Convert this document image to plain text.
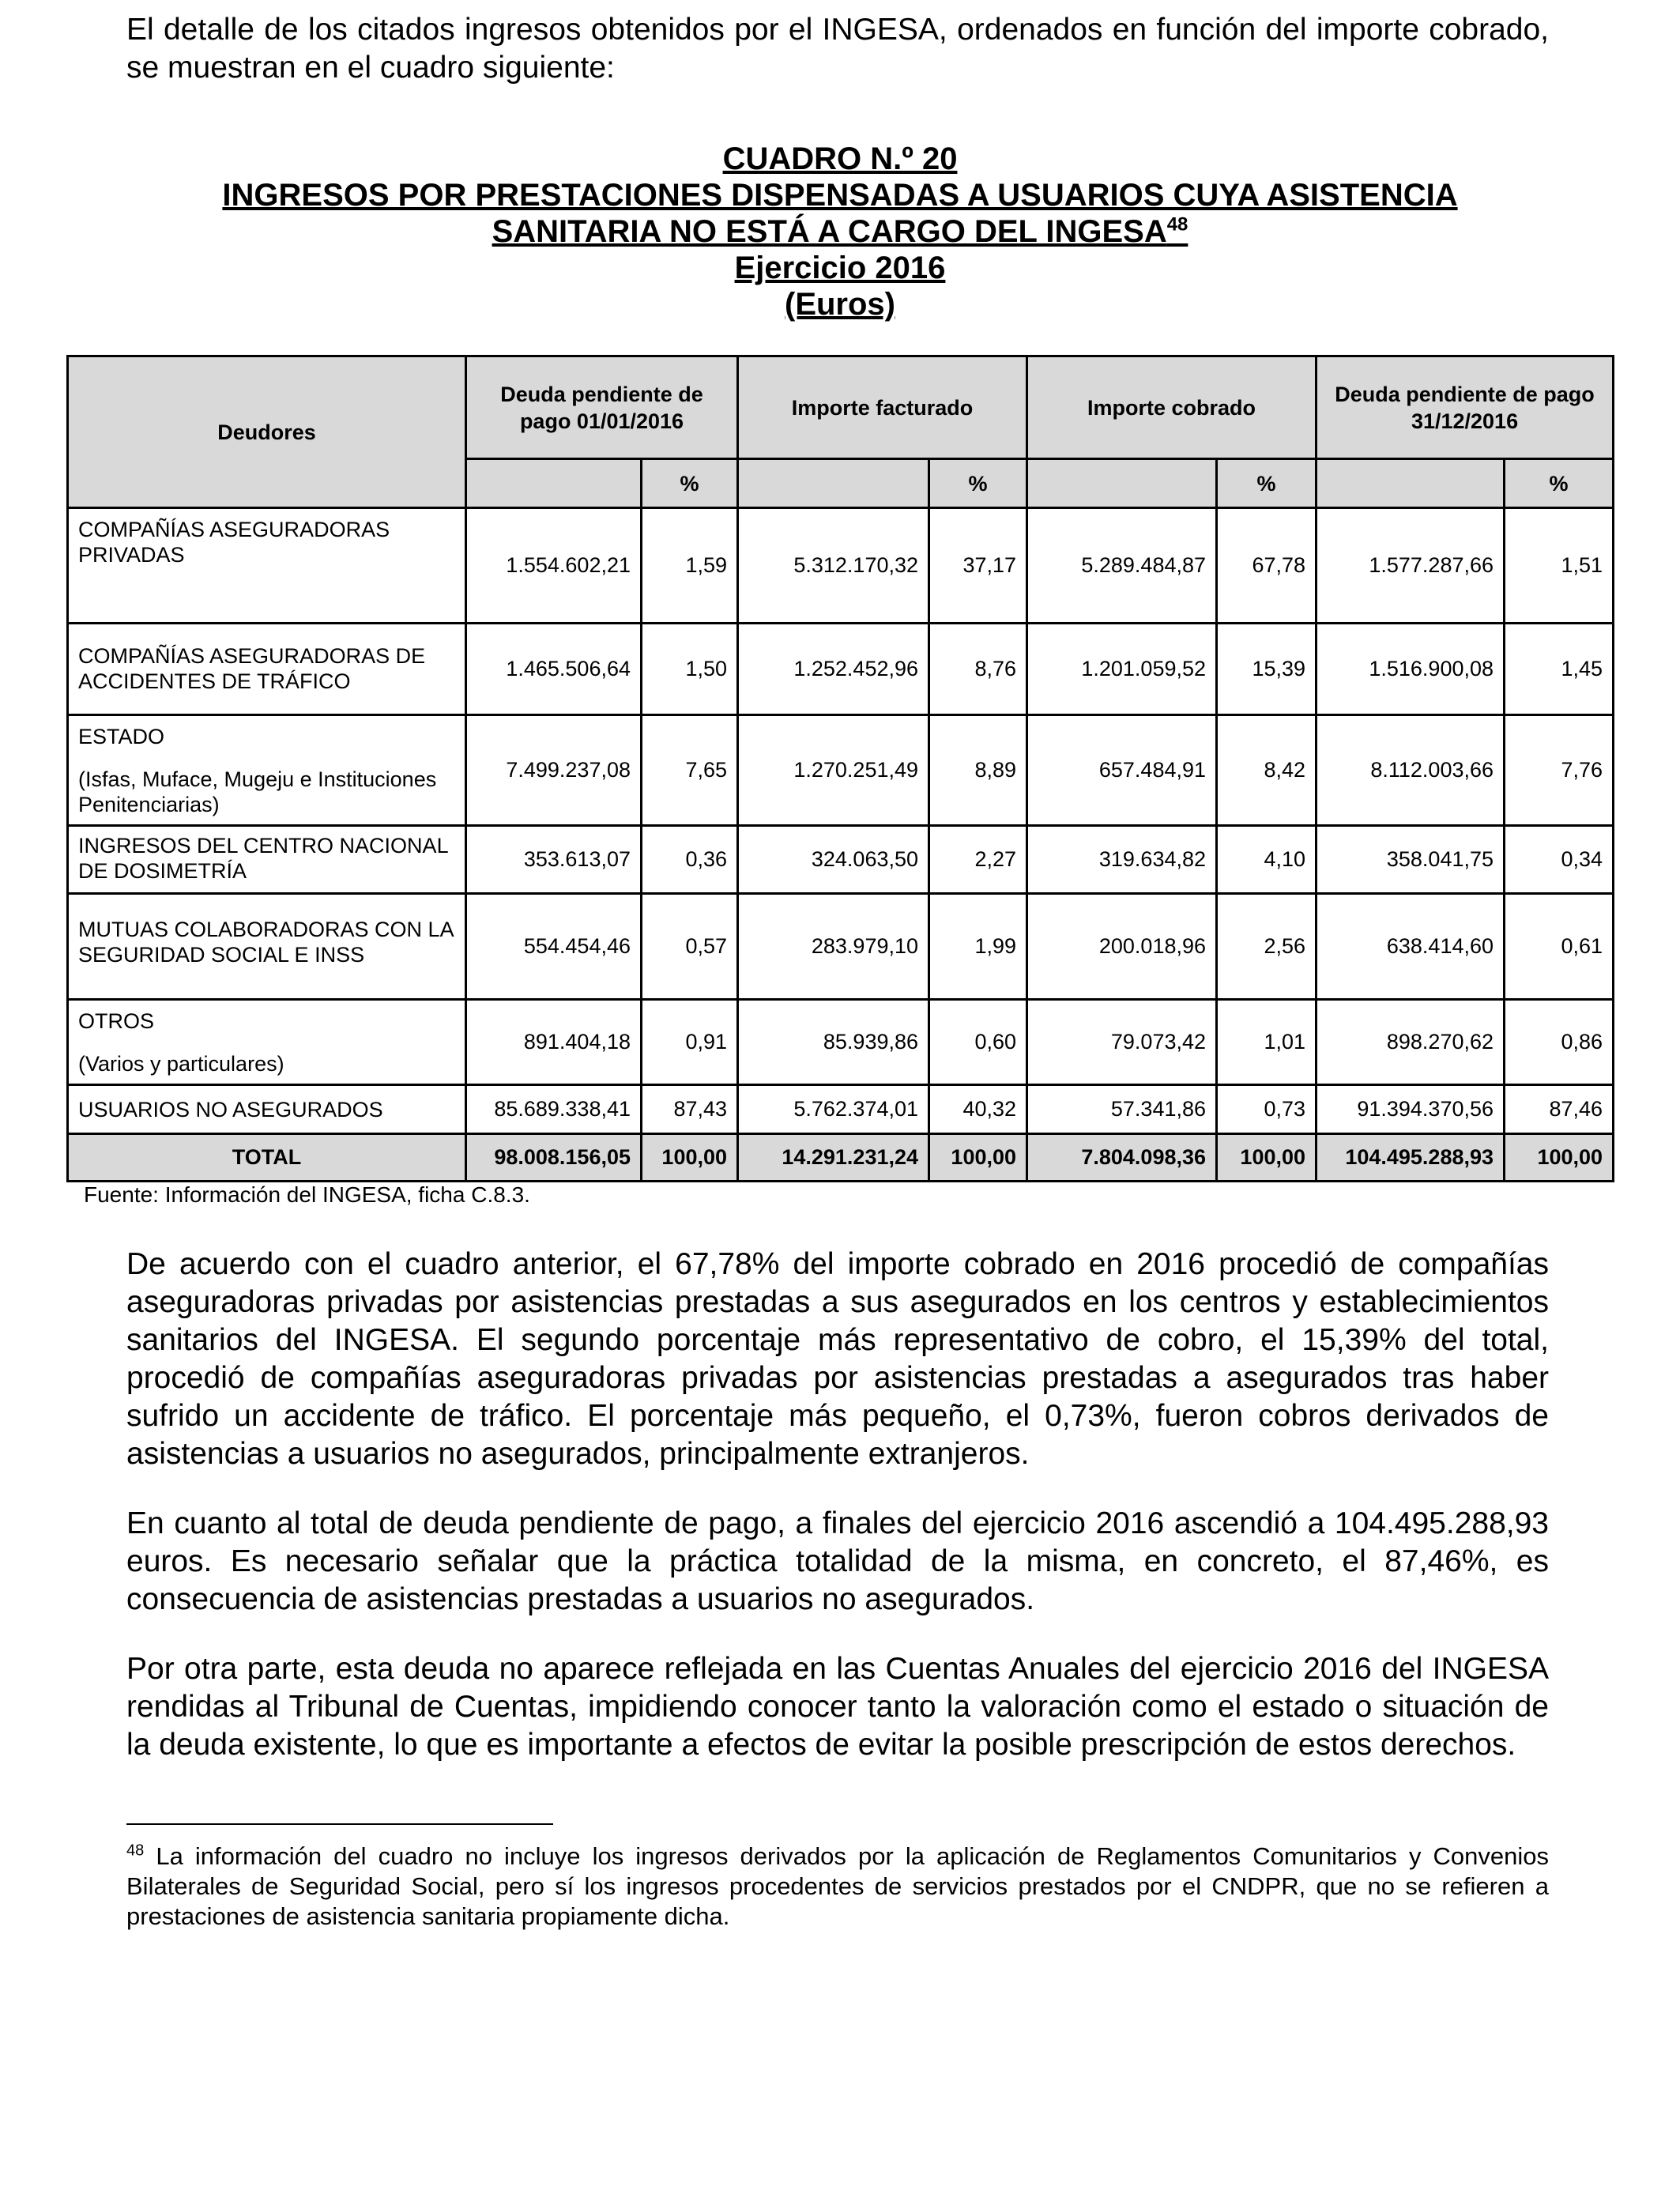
El detalle de los citados ingresos obtenidos por el INGESA, ordenados en función del importe cobrado, se muestran en el cuadro siguiente:

CUADRO N.º 20

INGRESOS POR PRESTACIONES DISPENSADAS A USUARIOS CUYA ASISTENCIA

SANITARIA NO ESTÁ A CARGO DEL INGESA$^{48}$

Ejercicio 2016

(Euros)

Deudores	Deuda pendiente de pago 01/01/2016		Importe facturado		Importe cobrado		Deuda pendiente de pago 31/12/2016	
		%		%		%		%
COMPAÑÍAS ASEGURADORAS PRIVADAS	1.554.602,21	1,59	5.312.170,32	37,17	5.289.484,87	67,78	1.577.287,66	1,51
COMPAÑÍAS ASEGURADORAS DE ACCIDENTES DE TRÁFICO	1.465.506,64	1,50	1.252.452,96	8,76	1.201.059,52	15,39	1.516.900,08	1,45

ESTADO
(Isfas, Muface, Mugeju e Instituciones Penitenciarias)	7.499.237,08	7,65	1.270.251,49	8,89	657.484,91	8,42	8.112.003,66	7,76
INGRESOS DEL CENTRO NACIONAL DE DOSIMETRÍA	353.613,07	0,36	324.063,50	2,27	319.634,82	4,10	358.041,75	0,34
MUTUAS COLABORADORAS CON LA SEGURIDAD SOCIAL E INSS	554.454,46	0,57	283.979,10	1,99	200.018,96	2,56	638.414,60	0,61

OTROS
(Varios y particulares)	891.404,18	0,91	85.939,86	0,60	79.073,42	1,01	898.270,62	0,86
USUARIOS NO ASEGURADOS	85.689.338,41	87,43	5.762.374,01	40,32	57.341,86	0,73	91.394.370,56	87,46
TOTAL	98.008.156,05	100,00	14.291.231,24	100,00	7.804.098,36	100,00	104.495.288,93	100,00

Fuente: Información del INGESA, ficha C.8.3.

De acuerdo con el cuadro anterior, el 67,78% del importe cobrado en 2016 procedió de compañías aseguradoras privadas por asistencias prestadas a sus asegurados en los centros y establecimientos sanitarios del INGESA. El segundo porcentaje más representativo de cobro, el 15,39% del total, procedió de compañías aseguradoras privadas por asistencias prestadas a asegurados tras haber sufrido un accidente de tráfico. El porcentaje más pequeño, el 0,73%, fueron cobros derivados de asistencias a usuarios no asegurados, principalmente extranjeros.

En cuanto al total de deuda pendiente de pago, a finales del ejercicio 2016 ascendió a 104.495.288,93 euros. Es necesario señalar que la práctica totalidad de la misma, en concreto, el 87,46%, es consecuencia de asistencias prestadas a usuarios no asegurados.

Por otra parte, esta deuda no aparece reflejada en las Cuentas Anuales del ejercicio 2016 del INGESA rendidas al Tribunal de Cuentas, impidiendo conocer tanto la valoración como el estado o situación de la deuda existente, lo que es importante a efectos de evitar la posible prescripción de estos derechos.

$^{48}$ La información del cuadro no incluye los ingresos derivados por la aplicación de Reglamentos Comunitarios y Convenios Bilaterales de Seguridad Social, pero sí los ingresos procedentes de servicios prestados por el CNDPR, que no se refieren a prestaciones de asistencia sanitaria propiamente dicha.
